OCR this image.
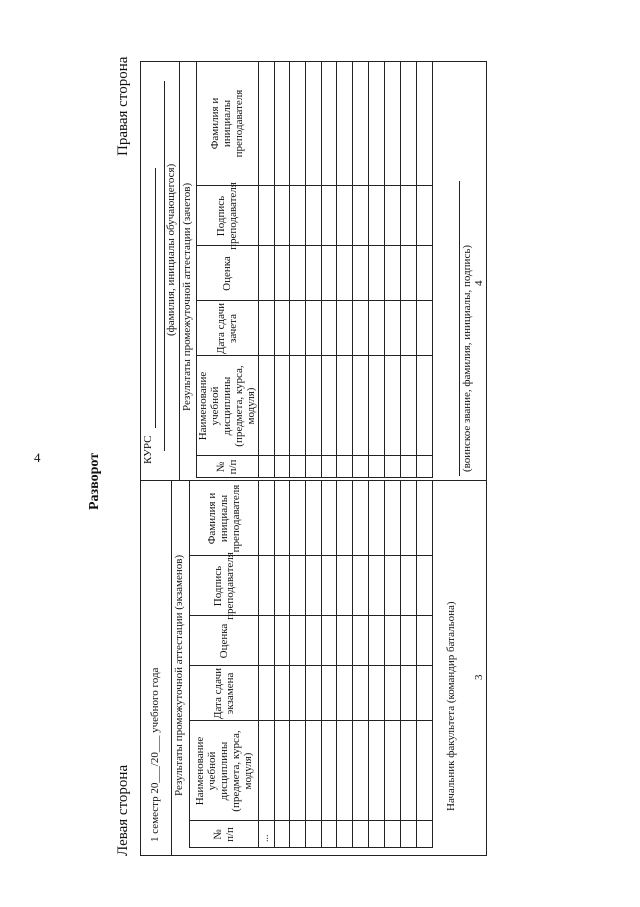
4	Разворот
Левая сторона
Правая сторона
1 семестр 20___/20___ учебного года Результаты промежуточной аттестации (экзаменов)
№
п/п
Наименование
учебной
дисциплины
(предмета, курса,
модуля)
Дата сдачи
экзамена
Оценка
Подпись
преподавателя
Фамилия и
инициалы
преподавателя
...
Начальник факультета (командир батальона) 3
КУРС
(фамилия, инициалы обучающегося) Результаты промежуточной аттестации (зачетов)
№
п/п
Наименование
учебной
дисциплины
(предмета, курса,
модуля)
Дата сдачи
зачета
Оценка
Подпись
преподавателя
Фамилия и
инициалы
преподавателя
(воинское звание, фамилия, инициалы, подпись) 4
